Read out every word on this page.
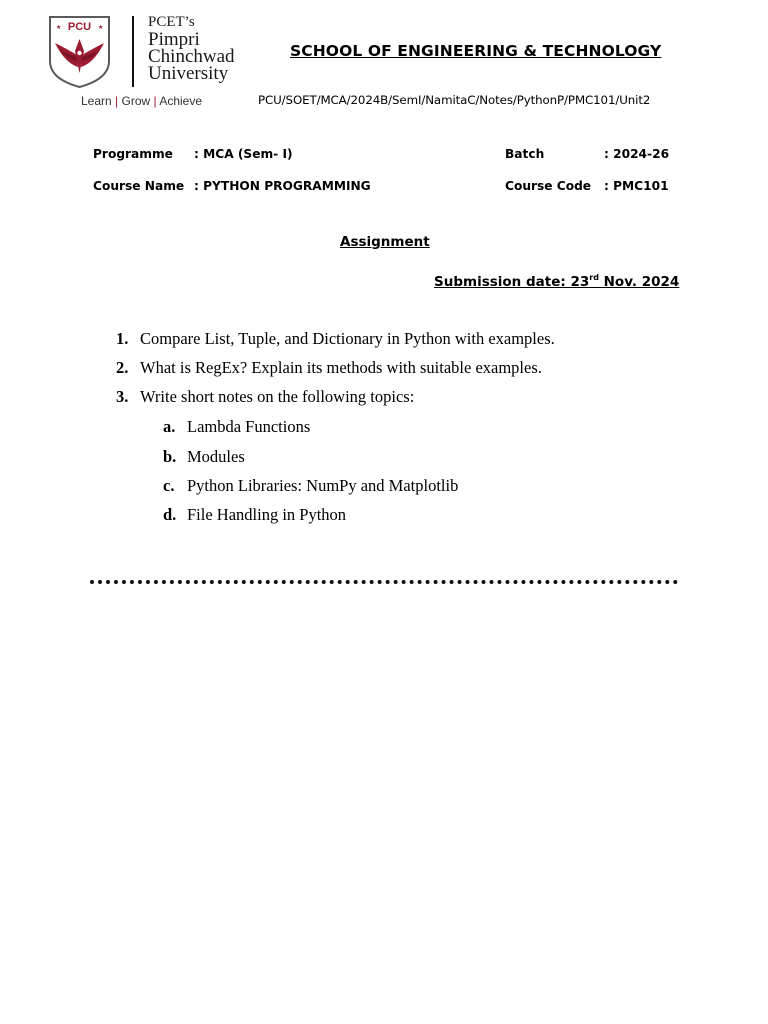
PCU
★	★	PCET’s
Pimpri
Chinchwad
University
Learn | Grow | Achieve
SCHOOL OF ENGINEERING & TECHNOLOGY
PCU/SOET/MCA/2024B/SemI/NamitaC/Notes/PythonP/PMC101/Unit2
Programme : MCA (Sem- I)	Batch	: 2024-26
Course Name : PYTHON PROGRAMMING	Course Code : PMC101
Assignment
Submission date: 23rd Nov. 2024
1. Compare List, Tuple, and Dictionary in Python with examples.
2. What is RegEx? Explain its methods with suitable examples.
3. Write short notes on the following topics:
a. Lambda Functions
b. Modules
c. Python Libraries: NumPy and Matplotlib
d. File Handling in Python
